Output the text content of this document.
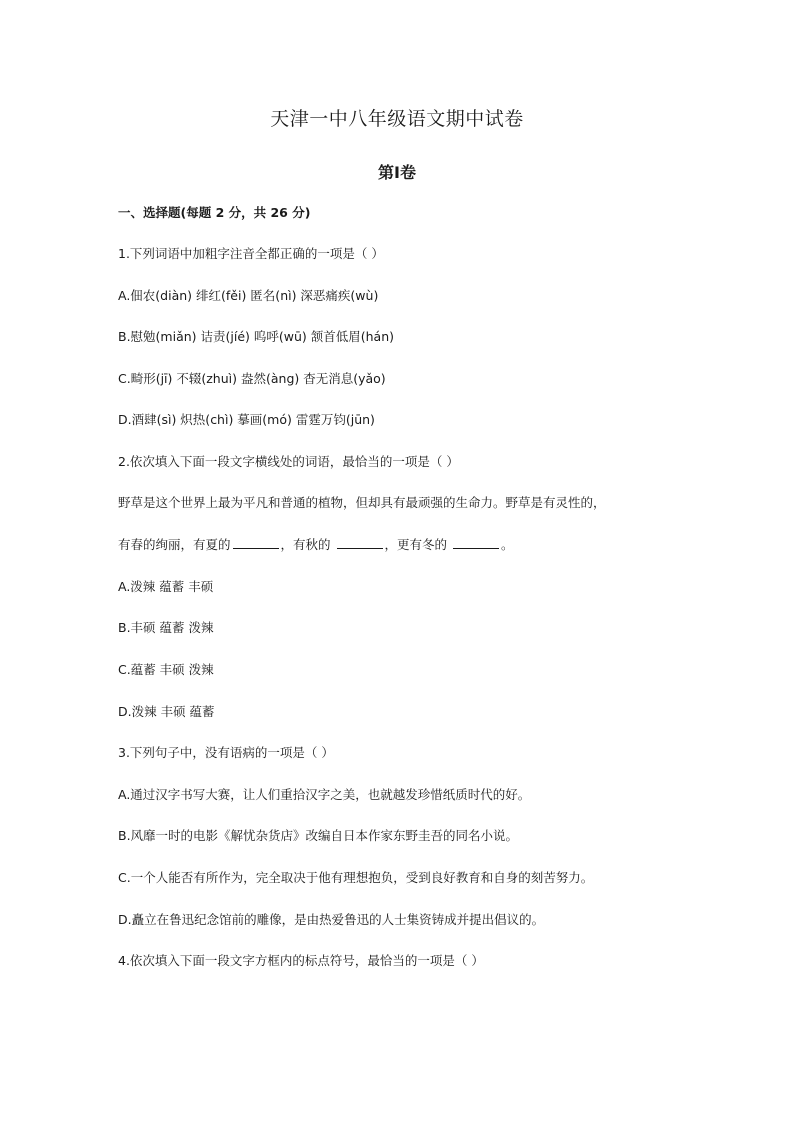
天津一中八年级语文期中试卷
第Ⅰ卷
一、选择题(每题 2 分，共 26 分)
1.下列词语中加粗字注音全都正确的一项是（ ）
A.佃农(diàn) 绯红(fěi) 匿名(nì) 深恶痛疾(wù)
B.慰勉(miǎn) 诘责(jíé) 呜呼(wū) 颔首低眉(hán)
C.畸形(jī) 不辍(zhuì) 盎然(àng) 杳无消息(yǎo)
D.酒肆(sì) 炽热(chì) 摹画(mó) 雷霆万钧(jūn)
2.依次填入下面一段文字横线处的词语，最恰当的一项是（ ）
野草是这个世界上最为平凡和普通的植物，但却具有最顽强的生命力。野草是有灵性的，
有春的绚丽，有夏的	，有秋的	，更有冬的	。
A.泼辣 蕴蓄 丰硕
B.丰硕 蕴蓄 泼辣
C.蕴蓄 丰硕 泼辣
D.泼辣 丰硕 蕴蓄
3.下列句子中，没有语病的一项是（ ）
A.通过汉字书写大赛，让人们重拾汉字之美，也就越发珍惜纸质时代的好。
B.风靡一时的电影《解忧杂货店》改编自日本作家东野圭吾的同名小说。
C.一个人能否有所作为，完全取决于他有理想抱负，受到良好教育和自身的刻苦努力。
D.矗立在鲁迅纪念馆前的雕像，是由热爱鲁迅的人士集资铸成并提出倡议的。
4.依次填入下面一段文字方框内的标点符号，最恰当的一项是（ ）
